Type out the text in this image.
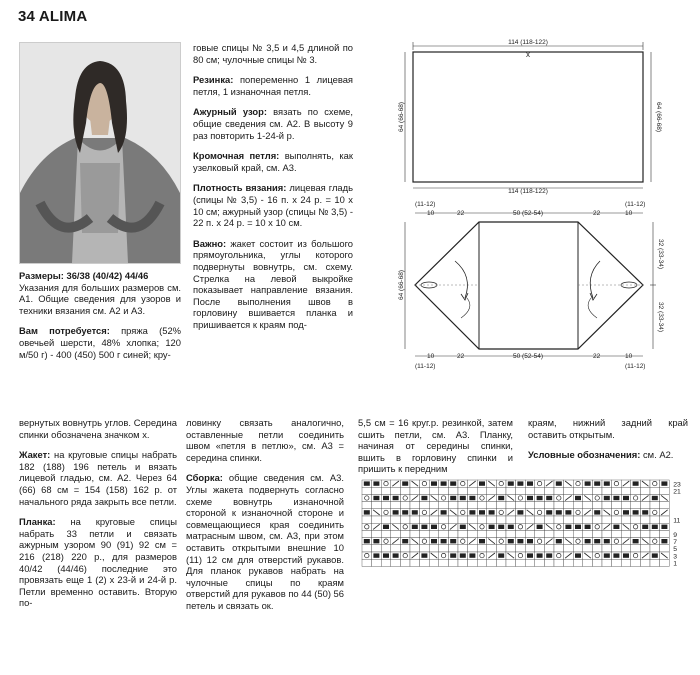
34 ALIMA

Размеры: 36/38 (40/42) 44/46
Указания для больших размеров см. А1. Общие сведения для узоров и техники вязания см. А2 и А3.

Вам потребуется: пряжа (52% овечьей шерсти, 48% хлопка; 120 м/50 г) - 400 (450) 500 г синей; кру-

говые спицы № 3,5 и 4,5 длиной по 80 см; чулочные спицы № 3.

Резинка: попеременно 1 лицевая петля, 1 изнаночная петля.

Ажурный узор: вязать по схеме, общие сведения см. А2. В высоту 9 раз повторить 1-24-й р.

Кромочная петля: выполнять, как узелковый край, см. А3.

Плотность вязания: лицевая гладь (спицы № 3,5) - 16 п. х 24 р. = 10 х 10 см; ажурный узор (спицы № 3,5) - 22 п. х 24 р. = 10 х 10 см.

Важно: жакет состоит из большого прямоугольника, углы которого подвернуты вовнутрь, см. схему. Стрелка на левой выкройке показывает направление вязания. После выполнения швов в горловину вшивается планка и пришивается к краям под-

114 (118-122)
x
64 (66-68)	64 (66-68)
114 (118-122)
(11-12)	(11-12)
10	22	50 (52-54)	22	10
64 (66-68)
32 (33-34)
32 (33-34)
10	22	50 (52-54)	22	10
(11-12)	(11-12)

вернутых вовнутрь углов. Середина спинки обозначена значком х.

Жакет: на круговые спицы набрать 182 (188) 196 петель и вязать лицевой гладью, см. А2. Через 64 (66) 68 см = 154 (158) 162 р. от начального ряда закрыть все петли.

Планка: на круговые спицы набрать 33 петли и связать ажурным узором 90 (91) 92 см = 216 (218) 220 р., для размеров 40/42 (44/46) последние это провязать еще 1 (2) х 23-й и 24-й р. Петли временно оставить. Вторую по-

ловинку связать аналогично, оставленные петли соединить швом «петля в петлю», см. А3 = середина спинки.

Сборка: общие сведения см. А3. Углы жакета подвернуть согласно схеме вовнутрь изнаночной стороной к изнаночной стороне и совмещающиеся края соединить матрасным швом, см. А3, при этом оставить открытыми внешние 10 (11) 12 см для отверстий рукавов. Для планок рукавов набрать на чулочные спицы по краям отверстий для рукавов по 44 (50) 56 петель и связать ок.

5,5 см = 16 круг.р. резинкой, затем сшить петли, см. А3. Планку, начиная от середины спинки, вшить в горловину спинки и пришить к передним

краям, нижний задний край оставить открытым.

Условные обозначения: см. А2.

23
21
11
9
7
5
3
1
